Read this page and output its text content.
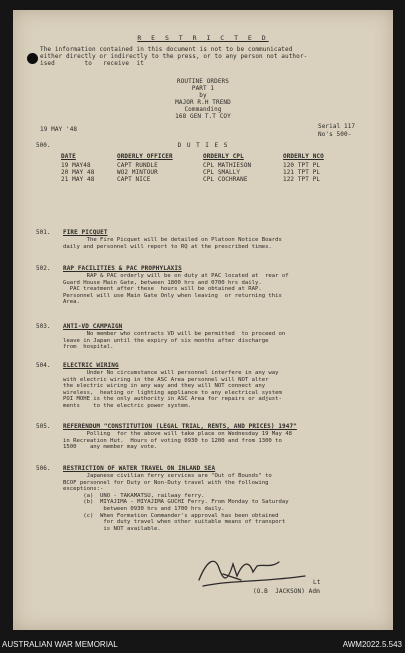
R E S T R I C T E D
The information contained in this document is not to be communicated
either directly or indirectly to the press, or to any person not author-
ised        to   receive  it
ROUTINE ORDERS
PART 1
by
MAJOR R.H TREND
Commanding
168 GEN T.T COY
19 MAY '48	Serial 117
No's 500-
500.	D U T I E S
DATE	ORDERLY OFFICER	ORDERLY CPL	ORDERLY NCO
19 MAY48	CAPT RUNDLE	CPL MATHIESON	120 TPT PL
20 MAY 48	WO2 MINTOUR	CPL SMALLY	121 TPT PL
21 MAY 48	CAPT NICE	CPL COCHRANE	122 TPT PL
501. FIRE PICQUET
The Fire Picquet will be detailed on Platoon Notice Boards
daily and personnel will report to RQ at the prescribed times.
502. RAP FACILITIES & PAC PROPHYLAXIS
RAP & PAC orderly will be on duty at PAC located at  rear of
Guard House Main Gate, between 1800 hrs and 0700 hrs daily.
PAC treatment after these  hours will be obtained at RAP.
Personnel will use Main Gate Only when leaving  or returning this
Area.
503. ANTI-VD CAMPAIGN
No member who contracts VD will be permitted  to proceed on
leave in Japan until the expiry of six months after discharge
from  hospital.
504. ELECTRIC WIRING
Under No circumstance will personnel interfere in any way
with electric wiring in the ASC Area personnel will NOT alter
the electric wiring in any way and they will NOT connect any
wireless,  heating or lighting appliance to any electrical system
POI MOHE is the only authority in ASC Area for repairs or adjust-
ments    to the electric power system.
505. REFERENDUM "CONSTITUTION (LEGAL TRIAL, RENTS, AND PRICES) 1947"
Polling  for the above will take place on Wednesday 19 May 48
in Recreation Hut.  Hours of voting 0930 to 1200 and from 1300 to
1500    any member may vote.
506. RESTRICTION OF WATER TRAVEL ON INLAND SEA
Japanese civilian ferry services are "Out of Bounds" to
BCOF personnel for Duty or Non-Duty travel with the following
exceptions:-
(a)  UNO - TAKAMATSU, railway ferry.
(b)  MIYAJIMA - MIYAJIMA GUCHI Ferry. From Monday to Saturday
between 0930 hrs and 1700 hrs daily.
(c)  When Formation Commander's approval has been obtained
for duty travel when other suitable means of transport
is NOT available.
Lt
(O.B  JACKSON) Adm
AUSTRALIAN WAR MEMORIAL	AWM2022.5.543
